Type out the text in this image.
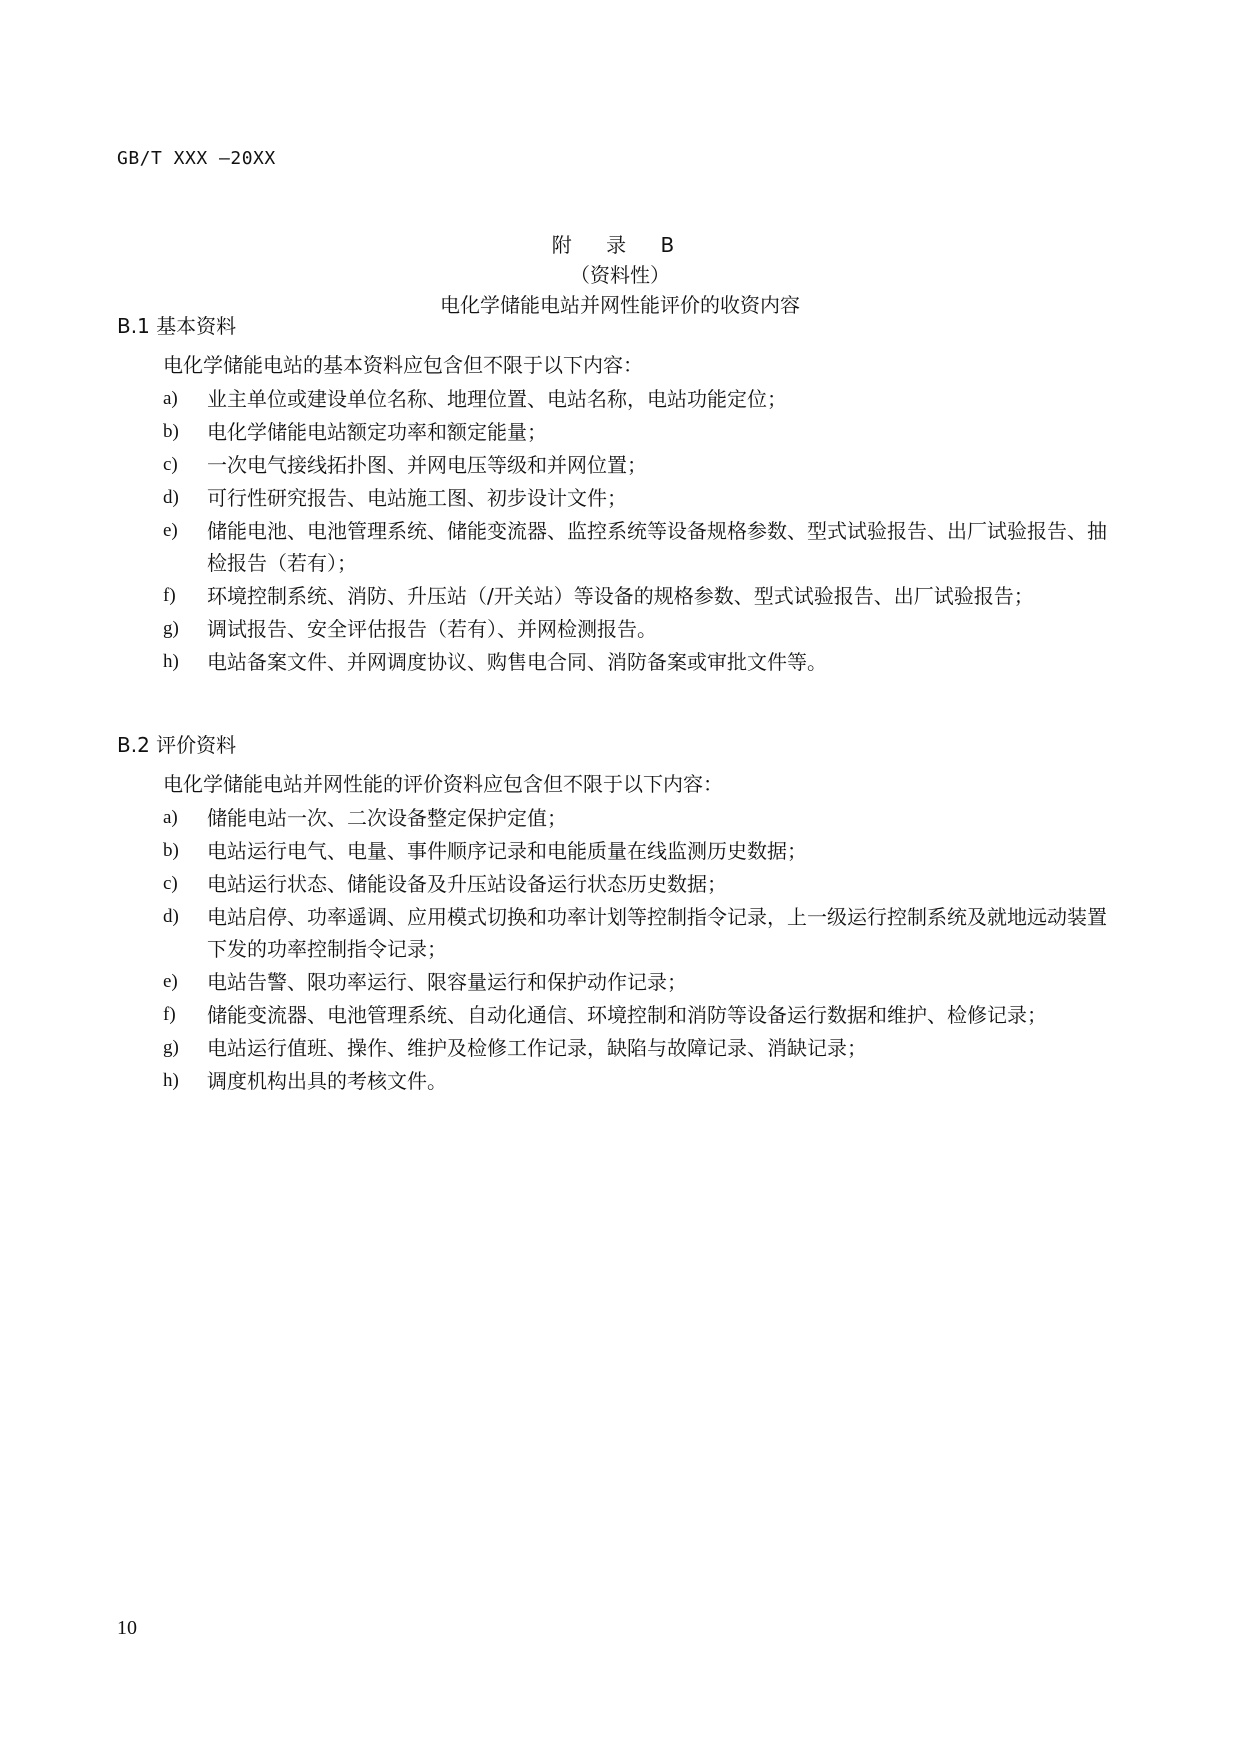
GB/T XXX —20XX
附 录 B
（资料性）
电化学储能电站并网性能评价的收资内容
B.1 基本资料
电化学储能电站的基本资料应包含但不限于以下内容：
a)	业主单位或建设单位名称、地理位置、电站名称，电站功能定位；
b)	电化学储能电站额定功率和额定能量；
c)	一次电气接线拓扑图、并网电压等级和并网位置；
d)	可行性研究报告、电站施工图、初步设计文件；
e)	储能电池、电池管理系统、储能变流器、监控系统等设备规格参数、型式试验报告、出厂试验报告、抽检报告（若有）；
f)	环境控制系统、消防、升压站（/开关站）等设备的规格参数、型式试验报告、出厂试验报告；
g)	调试报告、安全评估报告（若有）、并网检测报告。
h)	电站备案文件、并网调度协议、购售电合同、消防备案或审批文件等。
B.2 评价资料
电化学储能电站并网性能的评价资料应包含但不限于以下内容：
a)	储能电站一次、二次设备整定保护定值；
b)	电站运行电气、电量、事件顺序记录和电能质量在线监测历史数据；
c)	电站运行状态、储能设备及升压站设备运行状态历史数据；
d)	电站启停、功率遥调、应用模式切换和功率计划等控制指令记录，上一级运行控制系统及就地远动装置下发的功率控制指令记录；
e)	电站告警、限功率运行、限容量运行和保护动作记录；
f)	储能变流器、电池管理系统、自动化通信、环境控制和消防等设备运行数据和维护、检修记录；
g)	电站运行值班、操作、维护及检修工作记录，缺陷与故障记录、消缺记录；
h)	调度机构出具的考核文件。
10
